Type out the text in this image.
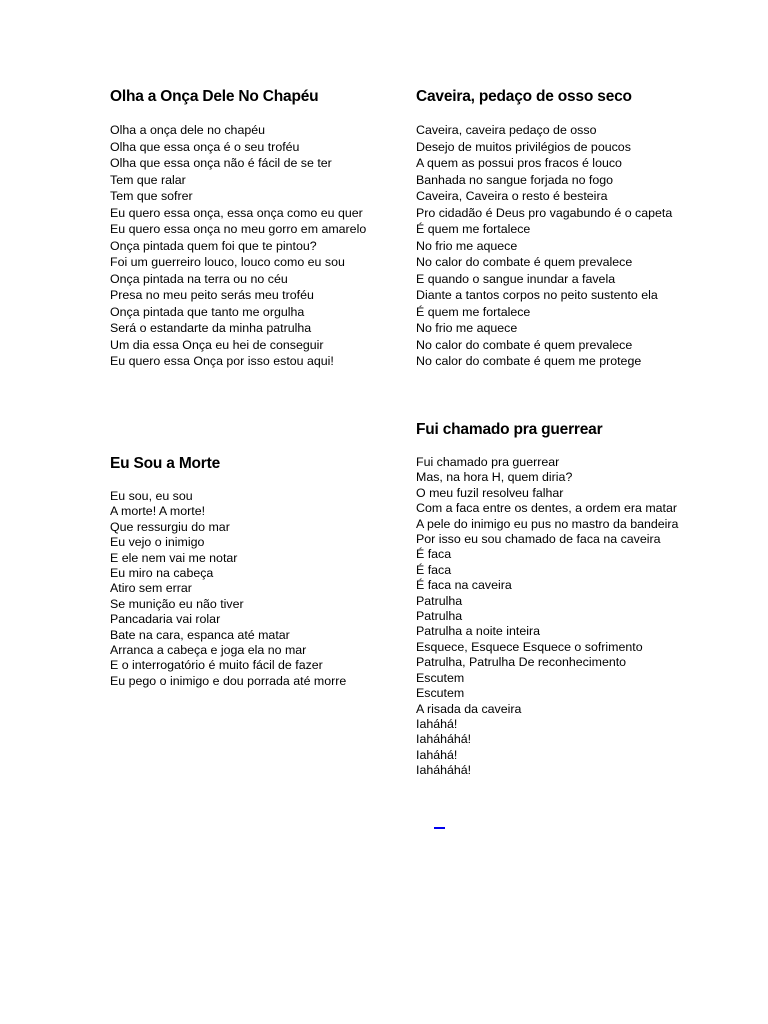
Olha a Onça Dele No Chapéu
Olha a onça dele no chapéu
Olha que essa onça é o seu troféu
Olha que essa onça não é fácil de se ter
Tem que ralar
Tem que sofrer
Eu quero essa onça, essa onça como eu quer
Eu quero essa onça no meu gorro em amarelo
Onça pintada quem foi que te pintou?
Foi um guerreiro louco, louco como eu sou
Onça pintada na terra ou no céu
Presa no meu peito serás meu troféu
Onça pintada que tanto me orgulha
Será o estandarte da minha patrulha
Um dia essa Onça eu hei de conseguir
Eu quero essa Onça por isso estou aqui!
Eu Sou a Morte
Eu sou, eu sou
A morte! A morte!
Que ressurgiu do mar
Eu vejo o inimigo
E ele nem vai me notar
Eu miro na cabeça
Atiro sem errar
Se munição eu não tiver
Pancadaria vai rolar
Bate na cara, espanca até matar
Arranca a cabeça e joga ela no mar
E o interrogatório é muito fácil de fazer
Eu pego o inimigo e dou porrada até morre
Caveira, pedaço de osso seco
Caveira, caveira pedaço de osso
Desejo de muitos privilégios de poucos
A quem as possui pros fracos é louco
Banhada no sangue forjada no fogo
Caveira, Caveira o resto é besteira
Pro cidadão é Deus pro vagabundo é o capeta
É quem me fortalece
No frio me aquece
No calor do combate é quem prevalece
E quando o sangue inundar a favela
Diante a tantos corpos no peito sustento ela
É quem me fortalece
No frio me aquece
No calor do combate é quem prevalece
No calor do combate é quem me protege
Fui chamado pra guerrear
Fui chamado pra guerrear
Mas, na hora H, quem diria?
O meu fuzil resolveu falhar
Com a faca entre os dentes, a ordem era matar
A pele do inimigo eu pus no mastro da bandeira
Por isso eu sou chamado de faca na caveira
É faca
É faca
É faca na caveira
Patrulha
Patrulha
Patrulha a noite inteira
Esquece, Esquece Esquece o sofrimento
Patrulha, Patrulha De reconhecimento
Escutem
Escutem
A risada da caveira
Iaháhá!
Iaháháhá!
Iaháhá!
Iaháháhá!
